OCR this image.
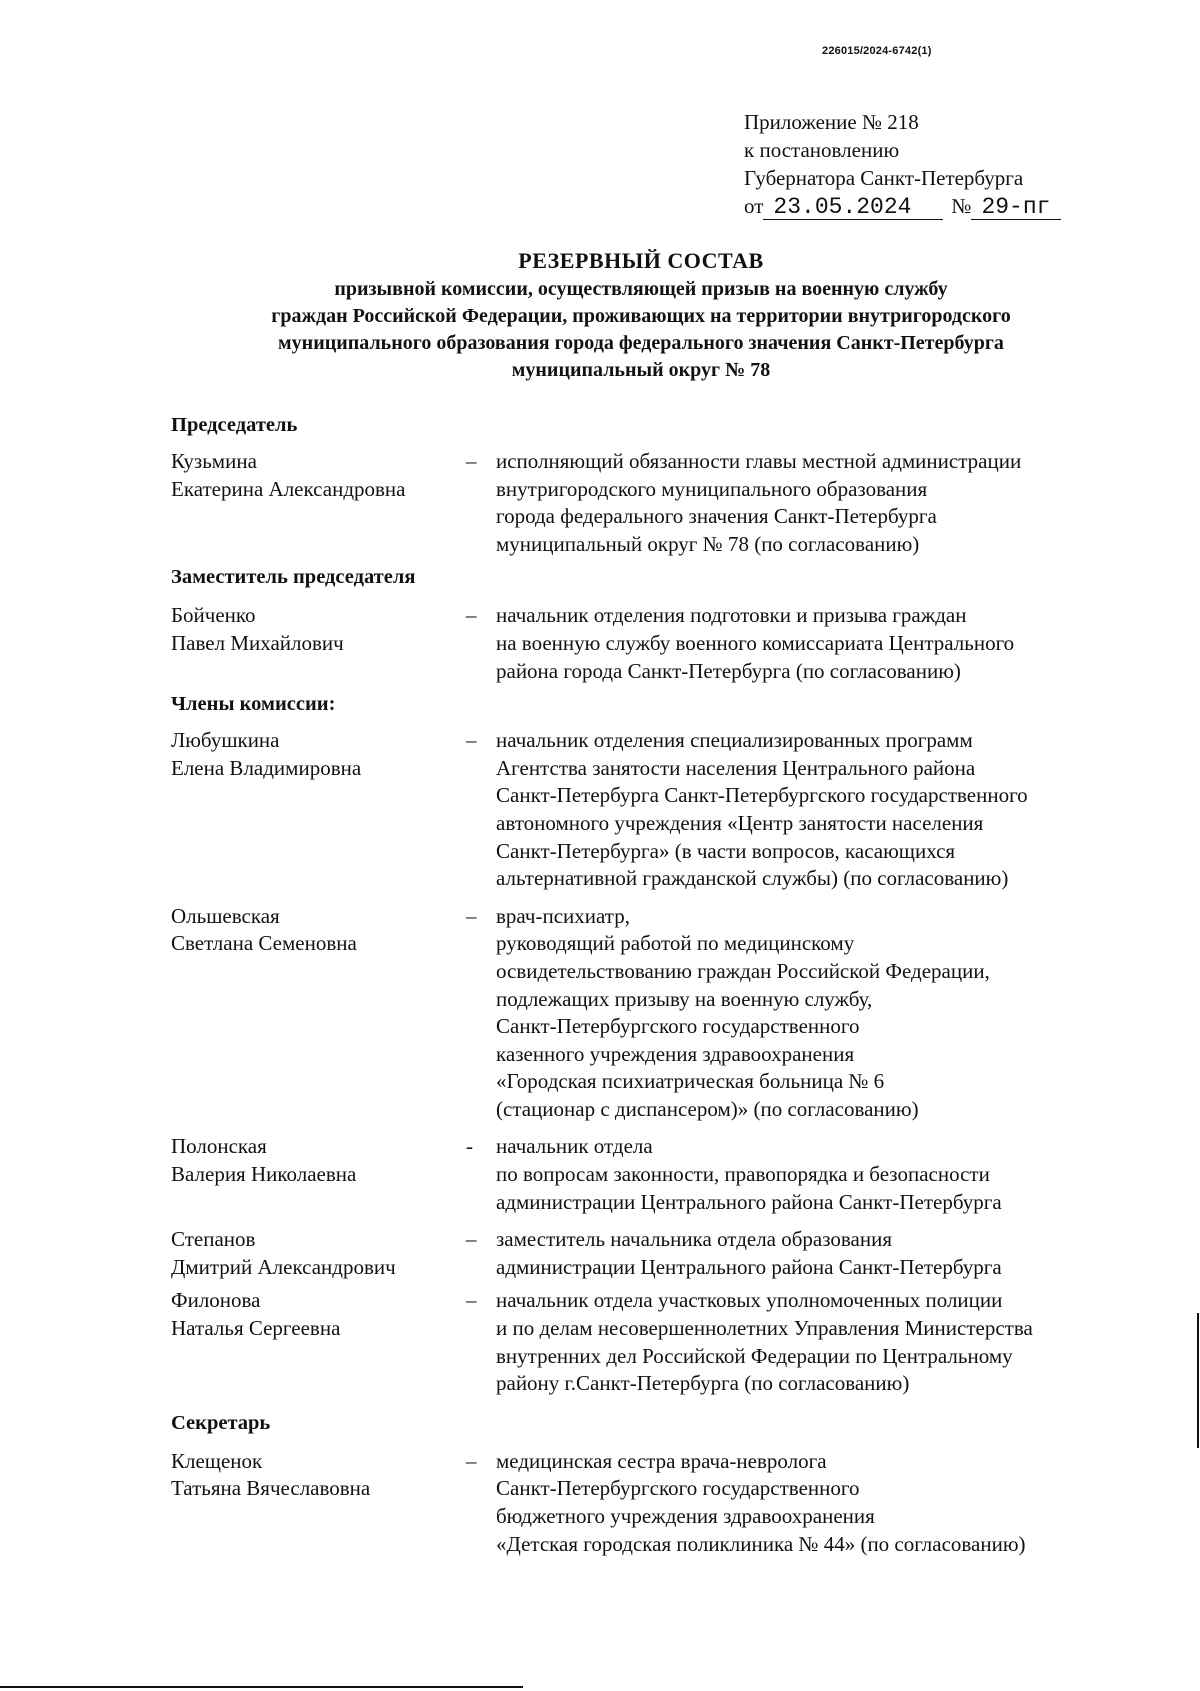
226015/2024-6742(1)
Приложение № 218
к постановлению
Губернатора Санкт-Петербурга
от 23.05.2024	№ 29-пг
РЕЗЕРВНЫЙ СОСТАВ
призывной комиссии, осуществляющей призыв на военную службу
граждан Российской Федерации, проживающих на территории внутригородского
муниципального образования города федерального значения Санкт-Петербурга
муниципальный округ № 78
Председатель
Кузьмина
Екатерина Александровна
– исполняющий обязанности главы местной администрации
внутригородского муниципального образования
города федерального значения Санкт-Петербурга
муниципальный округ № 78 (по согласованию)
Заместитель председателя
Бойченко
Павел Михайлович
– начальник отделения подготовки и призыва граждан
на военную службу военного комиссариата Центрального
района города Санкт-Петербурга (по согласованию)
Члены комиссии:
Любушкина
Елена Владимировна
– начальник отделения специализированных программ
Агентства занятости населения Центрального района
Санкт-Петербурга Санкт-Петербургского государственного
автономного учреждения «Центр занятости населения
Санкт-Петербурга» (в части вопросов, касающихся
альтернативной гражданской службы) (по согласованию)
Ольшевская
Светлана Семеновна
– врач-психиатр,
руководящий работой по медицинскому
освидетельствованию граждан Российской Федерации,
подлежащих призыву на военную службу,
Санкт-Петербургского государственного
казенного учреждения здравоохранения
«Городская психиатрическая больница № 6
(стационар с диспансером)» (по согласованию)
Полонская
Валерия Николаевна
- начальник отдела
по вопросам законности, правопорядка и безопасности
администрации Центрального района Санкт-Петербурга
Степанов
Дмитрий Александрович
– заместитель начальника отдела образования
администрации Центрального района Санкт-Петербурга
Филонова
Наталья Сергеевна
– начальник отдела участковых уполномоченных полиции
и по делам несовершеннолетних Управления Министерства
внутренних дел Российской Федерации по Центральному
району г.Санкт-Петербурга (по согласованию)
Секретарь
Клещенок
Татьяна Вячеславовна
– медицинская сестра врача-невролога
Санкт-Петербургского государственного
бюджетного учреждения здравоохранения
«Детская городская поликлиника № 44» (по согласованию)
